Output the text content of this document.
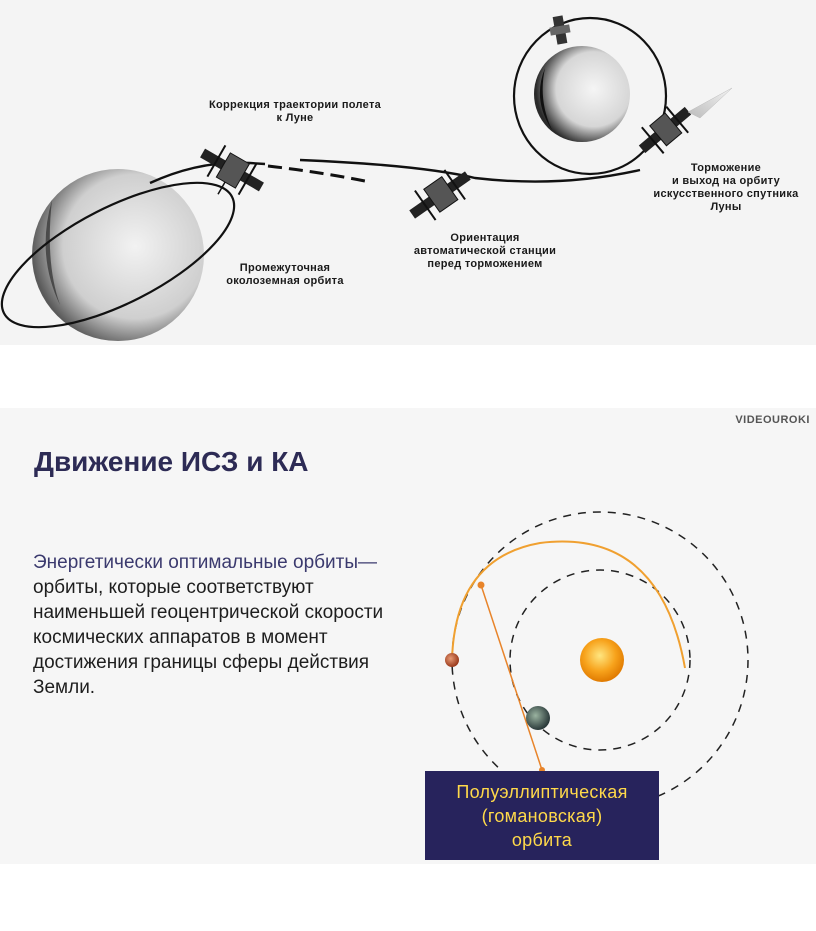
Коррекция траектории полета
к Луне
Торможение
и выход на орбиту
искусственного спутника
Луны
Ориентация
автоматической станции
перед торможением
Промежуточная
околоземная орбита
VIDEOUROKI
Движение ИСЗ и КА
Энергетически оптимальные орбиты—
орбиты, которые соответствуют наименьшей геоцентрической скорости космических аппаратов в момент достижения границы сферы действия Земли.
Полуэллиптическая
(гомановская)
орбита
